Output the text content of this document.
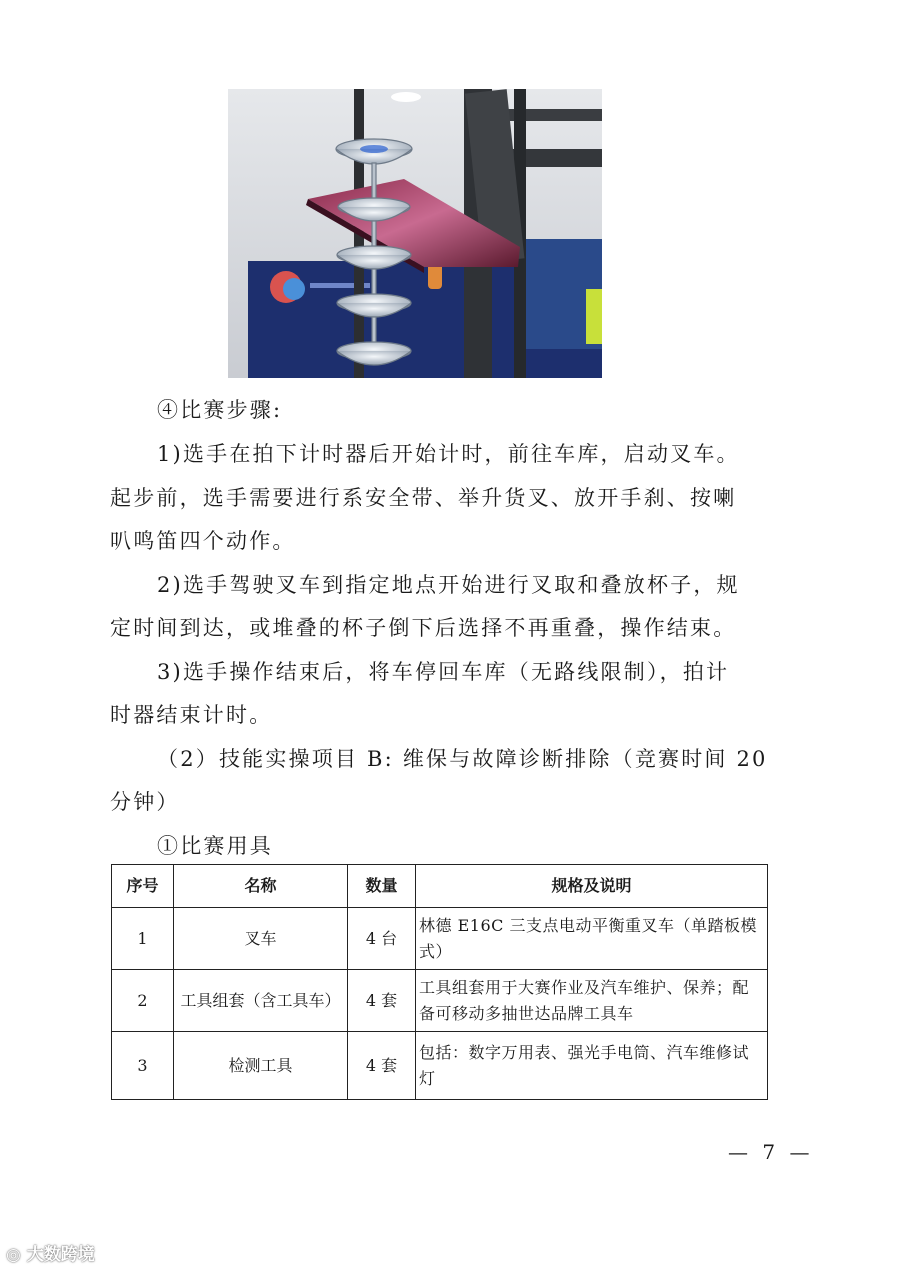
④比赛步骤:
1)选手在拍下计时器后开始计时，前往车库，启动叉车。
起步前，选手需要进行系安全带、举升货叉、放开手刹、按喇
叭鸣笛四个动作。
2)选手驾驶叉车到指定地点开始进行叉取和叠放杯子，规
定时间到达，或堆叠的杯子倒下后选择不再重叠，操作结束。
3)选手操作结束后，将车停回车库（无路线限制），拍计
时器结束计时。
（2）技能实操项目 B: 维保与故障诊断排除（竞赛时间 20
分钟）
①比赛用具
序号	名称	数量	规格及说明
1	叉车	4 台	林德 E16C 三支点电动平衡重叉车（单踏板模式）
2	工具组套（含工具车）	4 套	工具组套用于大赛作业及汽车维护、保养；配备可移动多抽世达品牌工具车
3	检测工具	4 套	包括：数字万用表、强光手电筒、汽车维修试灯
— 7 —
◎ 大数跨境
